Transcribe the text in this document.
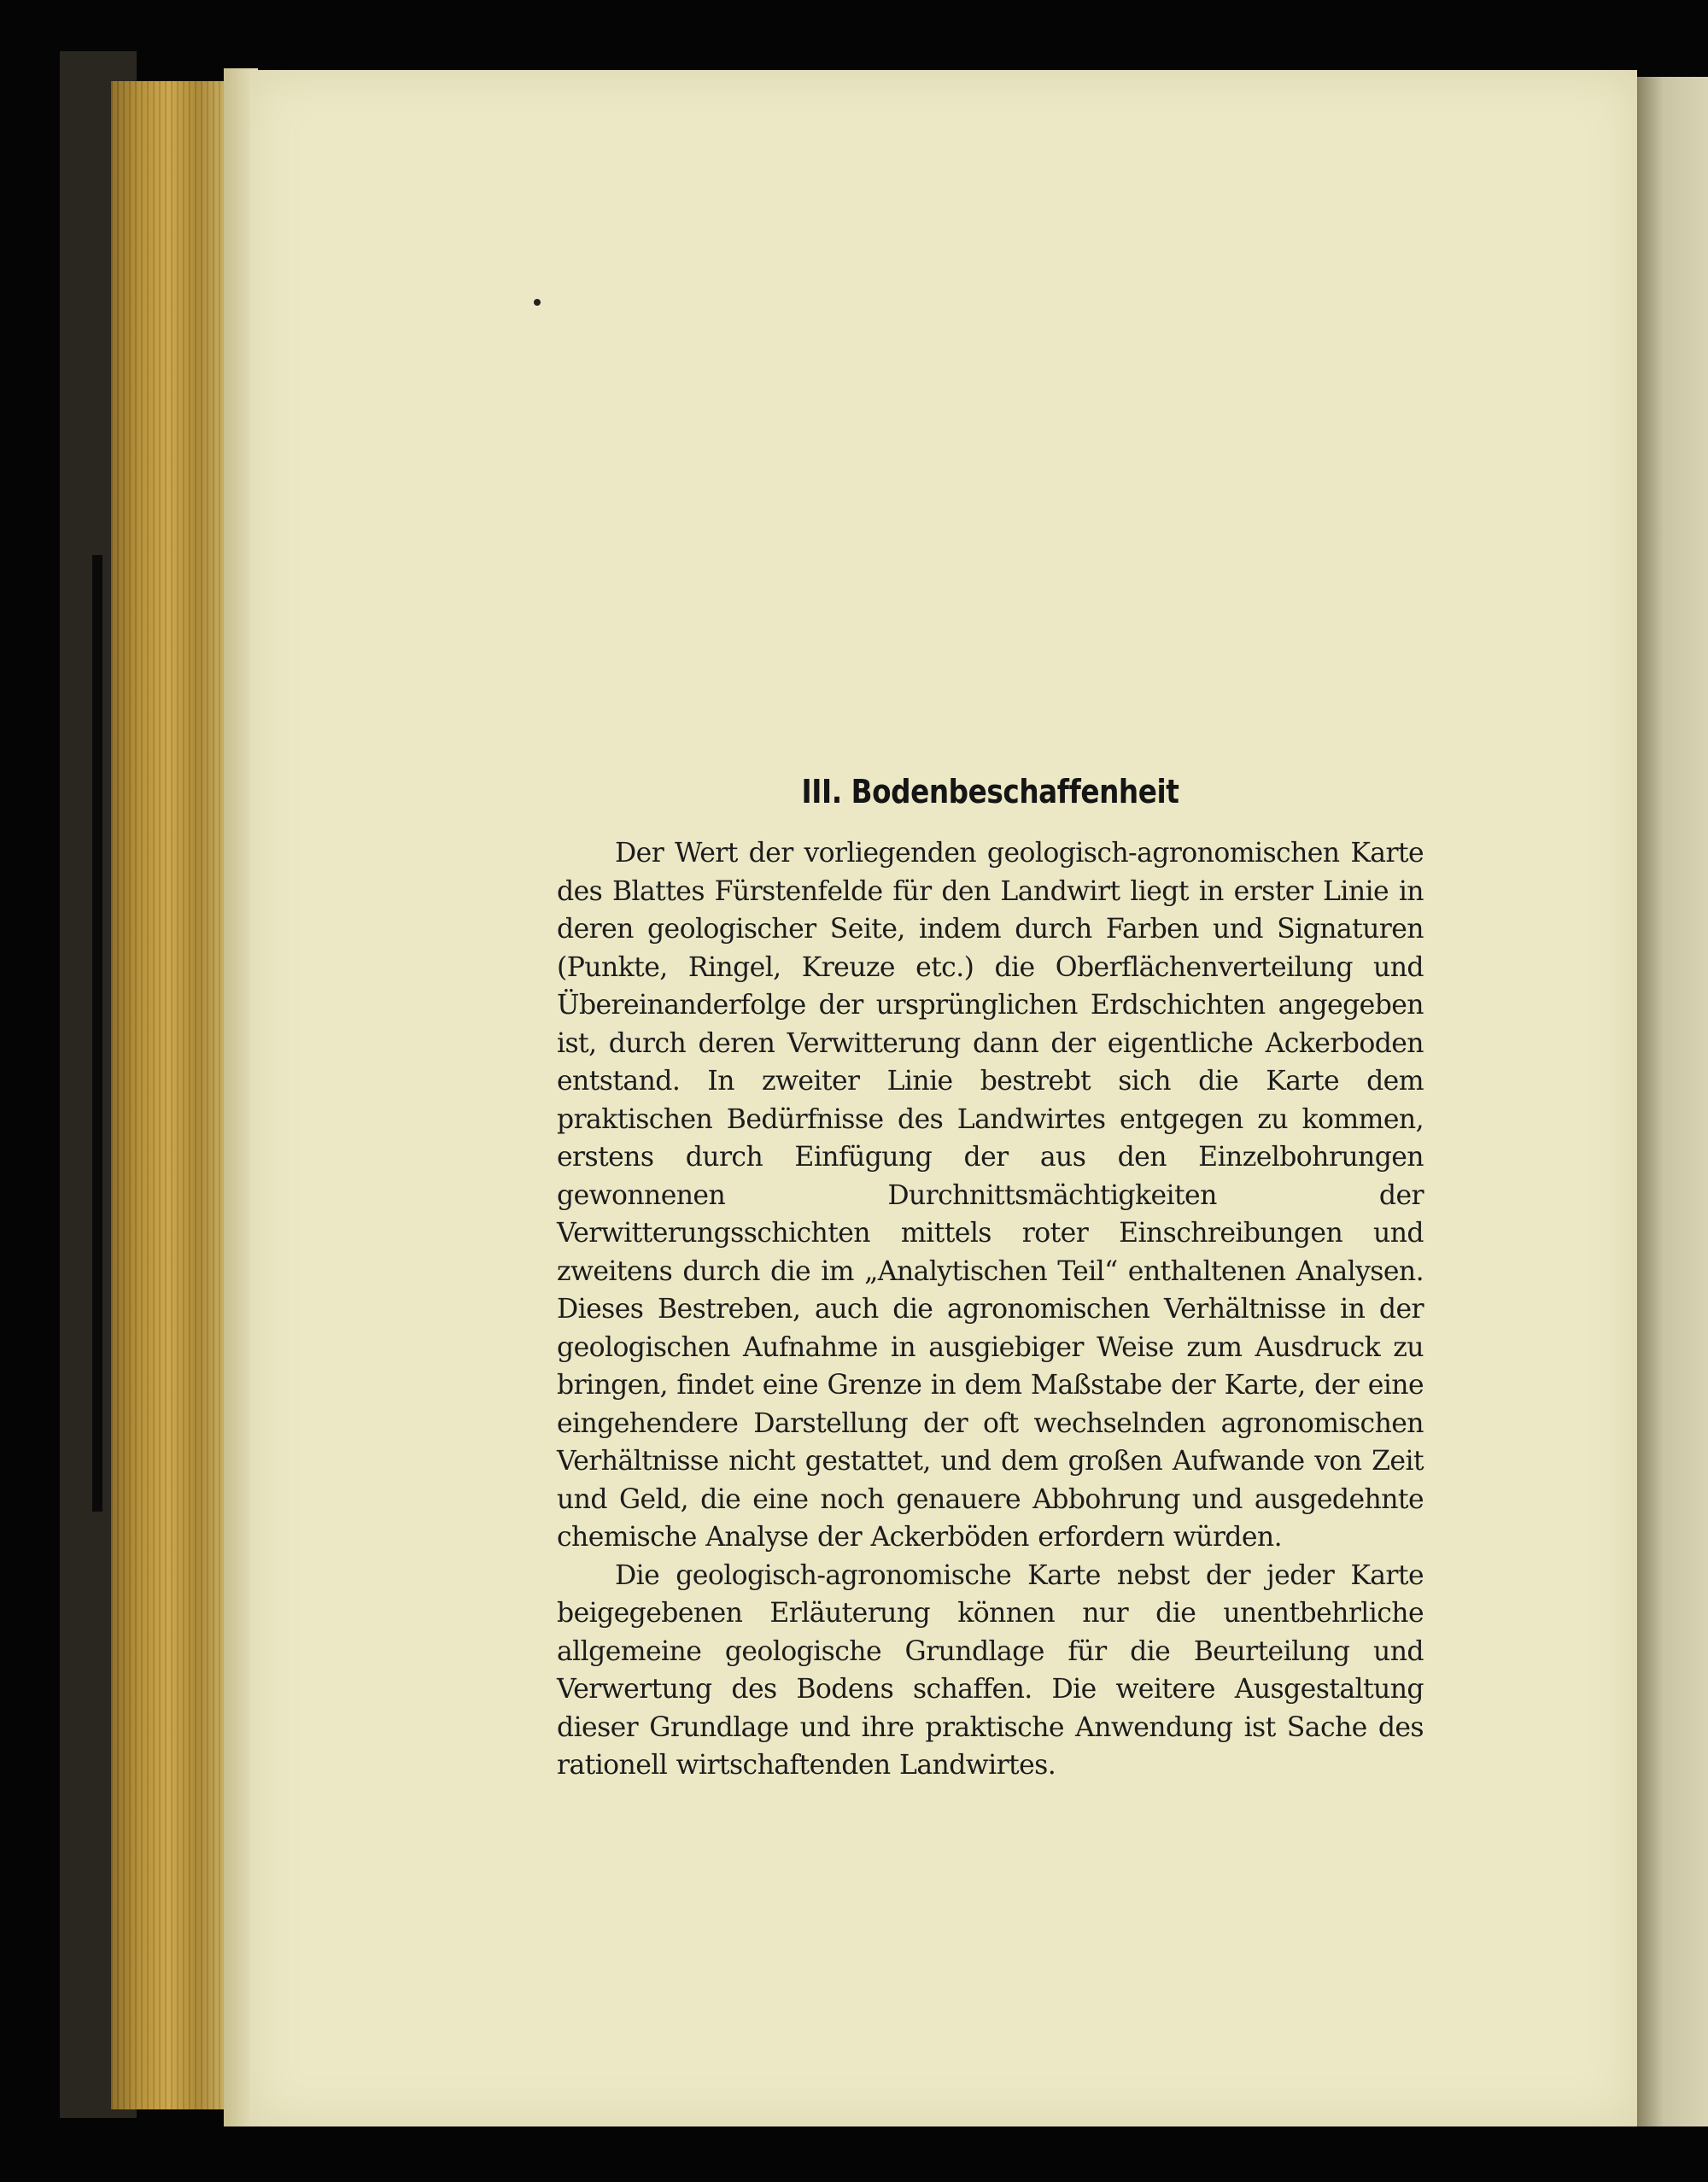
III. Bodenbeschaffenheit

Der Wert der vorliegenden geologisch-agronomischen Karte des Blattes Fürstenfelde für den Landwirt liegt in erster Linie in deren geologischer Seite, indem durch Farben und Signaturen (Punkte, Ringel, Kreuze etc.) die Oberflächenverteilung und Übereinanderfolge der ursprünglichen Erdschichten angegeben ist, durch deren Verwitterung dann der eigentliche Ackerboden entstand. In zweiter Linie bestrebt sich die Karte dem praktischen Bedürfnisse des Landwirtes entgegen zu kommen, erstens durch Einfügung der aus den Einzelbohrungen gewonnenen Durchnittsmächtigkeiten der Verwitterungsschichten mittels roter Einschreibungen und zweitens durch die im „Analytischen Teil“ enthaltenen Analysen. Dieses Bestreben, auch die agronomischen Verhältnisse in der geologischen Aufnahme in ausgiebiger Weise zum Ausdruck zu bringen, findet eine Grenze in dem Maßstabe der Karte, der eine eingehendere Darstellung der oft wechselnden agronomischen Verhältnisse nicht gestattet, und dem großen Aufwande von Zeit und Geld, die eine noch genauere Abbohrung und ausgedehnte chemische Analyse der Ackerböden erfordern würden.

Die geologisch-agronomische Karte nebst der jeder Karte beigegebenen Erläuterung können nur die unentbehrliche allgemeine geologische Grundlage für die Beurteilung und Verwertung des Bodens schaffen. Die weitere Ausgestaltung dieser Grundlage und ihre praktische Anwendung ist Sache des rationell wirtschaftenden Landwirtes.
